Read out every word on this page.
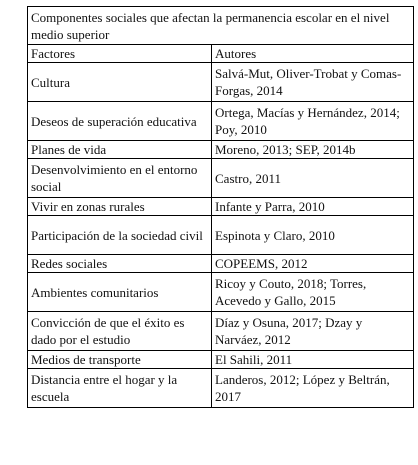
Componentes sociales que afectan la permanencia escolar en el nivel medio superior	
Factores	Autores
Cultura	Salvá-Mut, Oliver-Trobat y Comas-Forgas, 2014
Deseos de superación educativa	Ortega, Macías y Hernández, 2014; Poy, 2010
Planes de vida	Moreno, 2013; SEP, 2014b
Desenvolvimiento en el entorno social	Castro, 2011
Vivir en zonas rurales	Infante y Parra, 2010
Participación de la sociedad civil	Espinota y Claro, 2010
Redes sociales	COPEEMS, 2012
Ambientes comunitarios	Ricoy y Couto, 2018; Torres, Acevedo y Gallo, 2015
Convicción de que el éxito es dado por el estudio	Díaz y Osuna, 2017; Dzay y Narváez, 2012
Medios de transporte	El Sahili, 2011
Distancia entre el hogar y la escuela	Landeros, 2012; López y Beltrán, 2017
